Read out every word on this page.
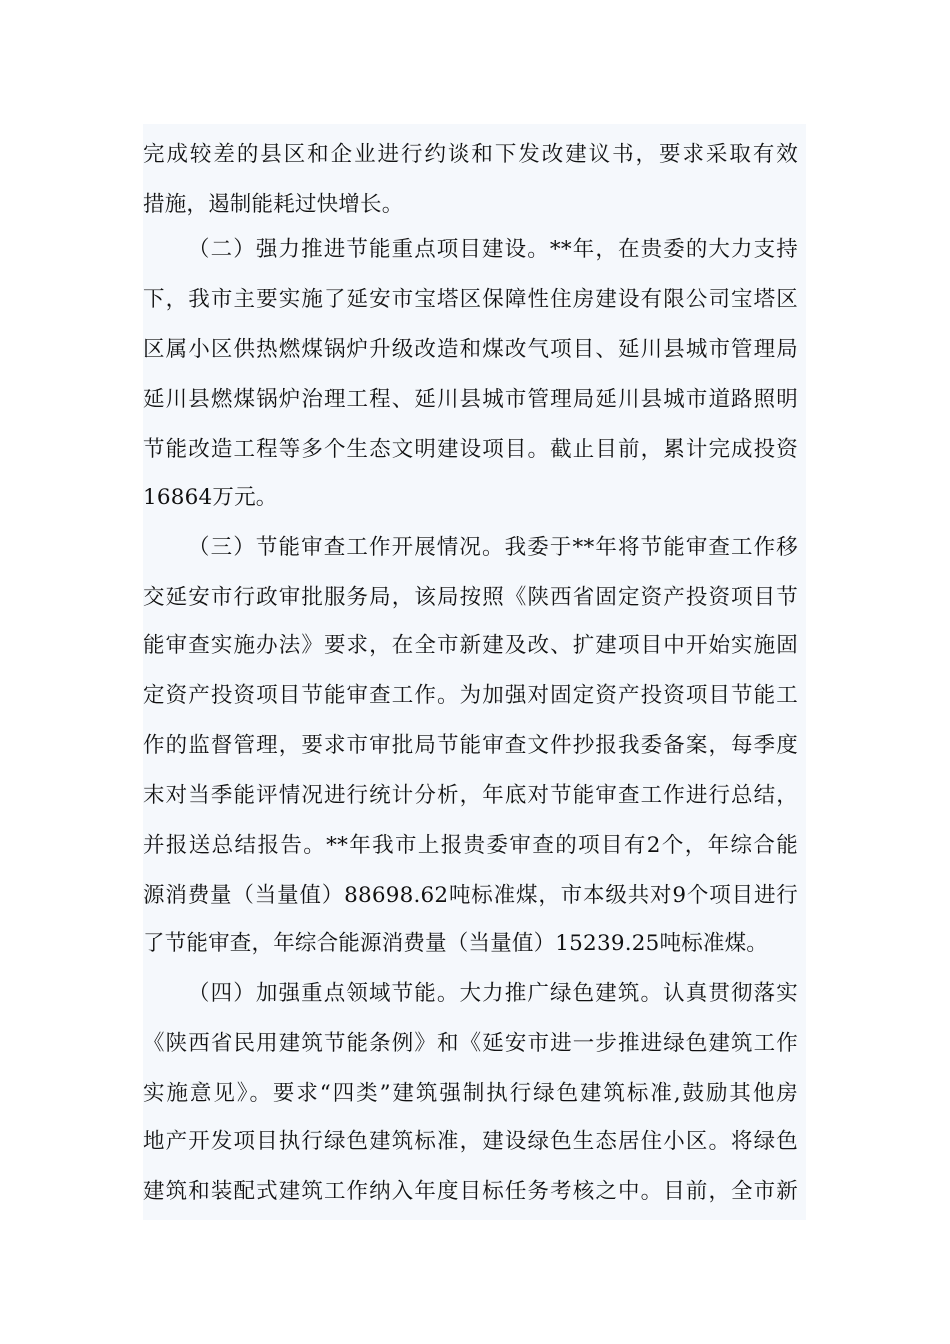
完成较差的县区和企业进行约谈和下发改建议书，要求采取有效
措施，遏制能耗过快增长。
（二）强力推进节能重点项目建设。**年，在贵委的大力支持
下，我市主要实施了延安市宝塔区保障性住房建设有限公司宝塔区
区属小区供热燃煤锅炉升级改造和煤改气项目、延川县城市管理局
延川县燃煤锅炉治理工程、延川县城市管理局延川县城市道路照明
节能改造工程等多个生态文明建设项目。截止目前，累计完成投资
16864万元。
（三）节能审查工作开展情况。我委于**年将节能审查工作移
交延安市行政审批服务局，该局按照《陕西省固定资产投资项目节
能审查实施办法》要求，在全市新建及改、扩建项目中开始实施固
定资产投资项目节能审查工作。为加强对固定资产投资项目节能工
作的监督管理，要求市审批局节能审查文件抄报我委备案，每季度
末对当季能评情况进行统计分析，年底对节能审查工作进行总结，
并报送总结报告。**年我市上报贵委审查的项目有2个，年综合能
源消费量（当量值）88698.62吨标准煤，市本级共对9个项目进行
了节能审查，年综合能源消费量（当量值）15239.25吨标准煤。
（四）加强重点领域节能。大力推广绿色建筑。认真贯彻落实
《陕西省民用建筑节能条例》和《延安市进一步推进绿色建筑工作
实施意见》。要求“四类”建筑强制执行绿色建筑标准,鼓励其他房
地产开发项目执行绿色建筑标准，建设绿色生态居住小区。将绿色
建筑和装配式建筑工作纳入年度目标任务考核之中。目前，全市新
